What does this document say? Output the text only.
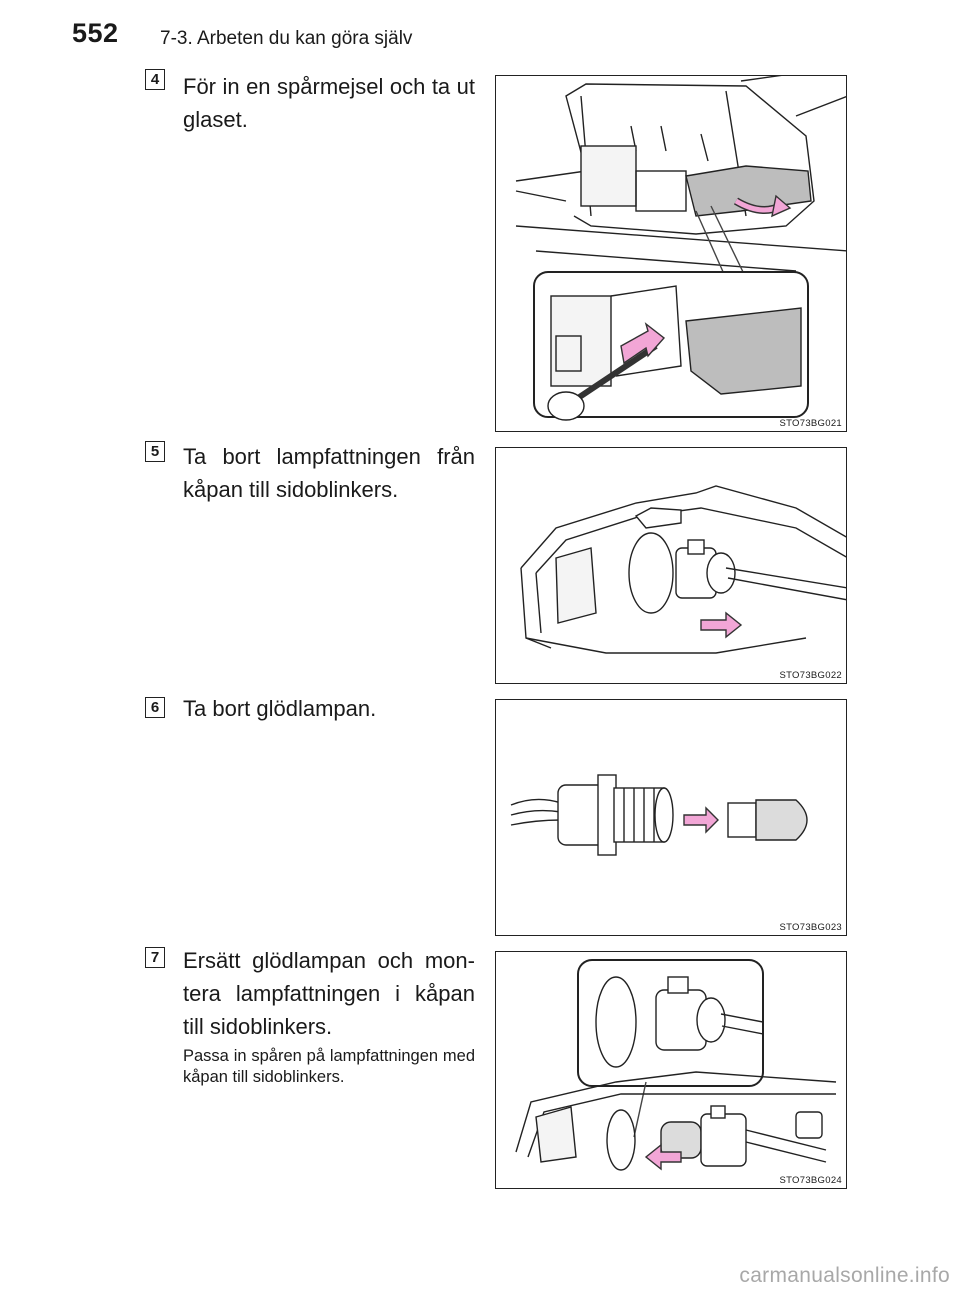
552 7-3. Arbeten du kan göra själv
4 För in en spårmejsel och ta ut glaset.
STO73BG021
5 Ta bort lampfattningen från kåpan till sidoblinkers.
STO73BG022
6 Ta bort glödlampan.
STO73BG023
7 Ersätt glödlampan och montera lampfattningen i kåpan till sidoblinkers.
Passa in spåren på lampfattningen med kåpan till sidoblinkers.
STO73BG024
carmanualsonline.info
